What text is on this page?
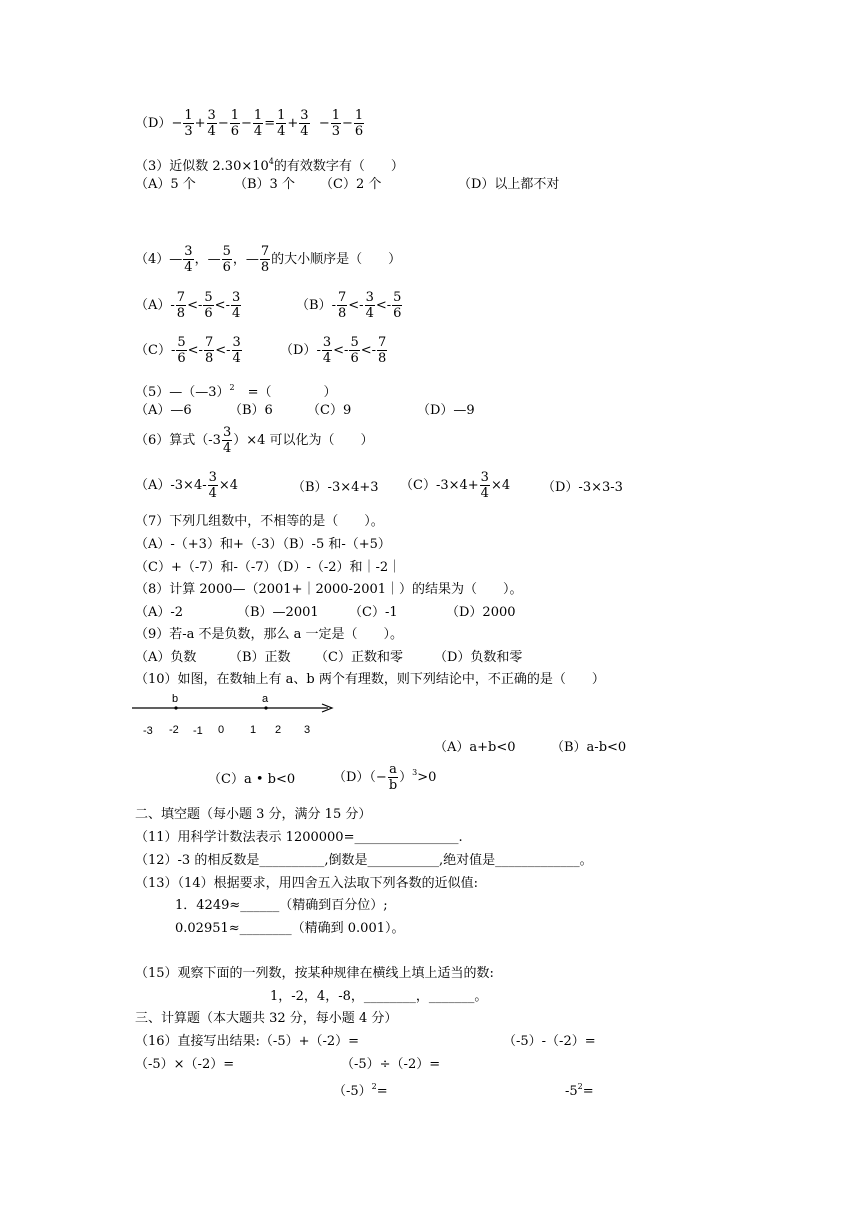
$(D)- \frac{1}{3} + \frac{3}{4} - \frac{1}{6} - \frac{1}{4} = \frac{1}{4} + \frac{3}{4} - \frac{1}{3} - \frac{1}{6}$
（3）近似数 $2.30\times 10^4$的有效数字有（　　）
（A）5 个	（B）3 个 （C）2 个	（D）以上都不对
（4）— $\frac{3}{4}$ ，— $\frac{5}{6}$ ，— $\frac{7}{8}$ 的大小顺序是（　　）
$(A)- \frac{7}{8} <- \frac{5}{6} <- \frac{3}{4}$	$(B)- \frac{7}{8} <- \frac{3}{4} <- \frac{5}{6}$
$(C)- \frac{5}{6} <- \frac{7}{8} <- \frac{3}{4}$	$(D)- \frac{3}{4} <- \frac{5}{6} <- \frac{7}{8}$
（5）—（—3）$^2$　=（　　　　）
（A）—6	（B）6	（C）9	（D）—9
（6）算式$(-3 \frac{3}{4} )\times 4$ 可以化为（　　）
$(A)-3\times 4- \frac{3}{4} \times 4$	（B）-3×4+3 $(C)-3\times 4+ \frac{3}{4} \times 4$ （D）-3×3-3
（7）下列几组数中，不相等的是（　　）。
（A）-（+3）和+（-3）（B）-5 和-（+5）
（C）+（-7）和-（-7）（D）-（-2）和｜-2｜
（8）计算 2000—（2001+｜2000-2001｜）的结果为（　　）。
（A）-2	（B）—2001 （C）-1	（D）2000
（9）若-a 不是负数，那么 a 一定是（　　）。
（A）负数	（B）正数 （C）正数和零 （D）负数和零
（10）如图，在数轴上有 a、b 两个有理数，则下列结论中，不正确的是（　　）
b	a
-3 -2 -1 0 1 2 3
（A）a+b<0	（B）a-b<0
（C）a • b<0	$(D)(- \frac{a}{b} )^3>0$
二、填空题（每小题 3 分，满分 15 分）
（11）用科学计数法表示 1200000=________________.
（12）-3 的相反数是__________,倒数是___________,绝对值是_____________。
（13）（14）根据要求，用四舍五入法取下列各数的近似值:
1．4249≈______（精确到百分位）;
0.02951≈________（精确到 0.001）。
（15）观察下面的一列数，按某种规律在横线上填上适当的数:
1，-2，4，-8，________，_______。
三、计算题（本大题共 32 分，每小题 4 分）
（16）直接写出结果:（-5）+（-2）=	（-5）-（-2）=
（-5）×（-2）=	（-5）÷（-2）=
$(-5)^2=$	$-5^2=$
